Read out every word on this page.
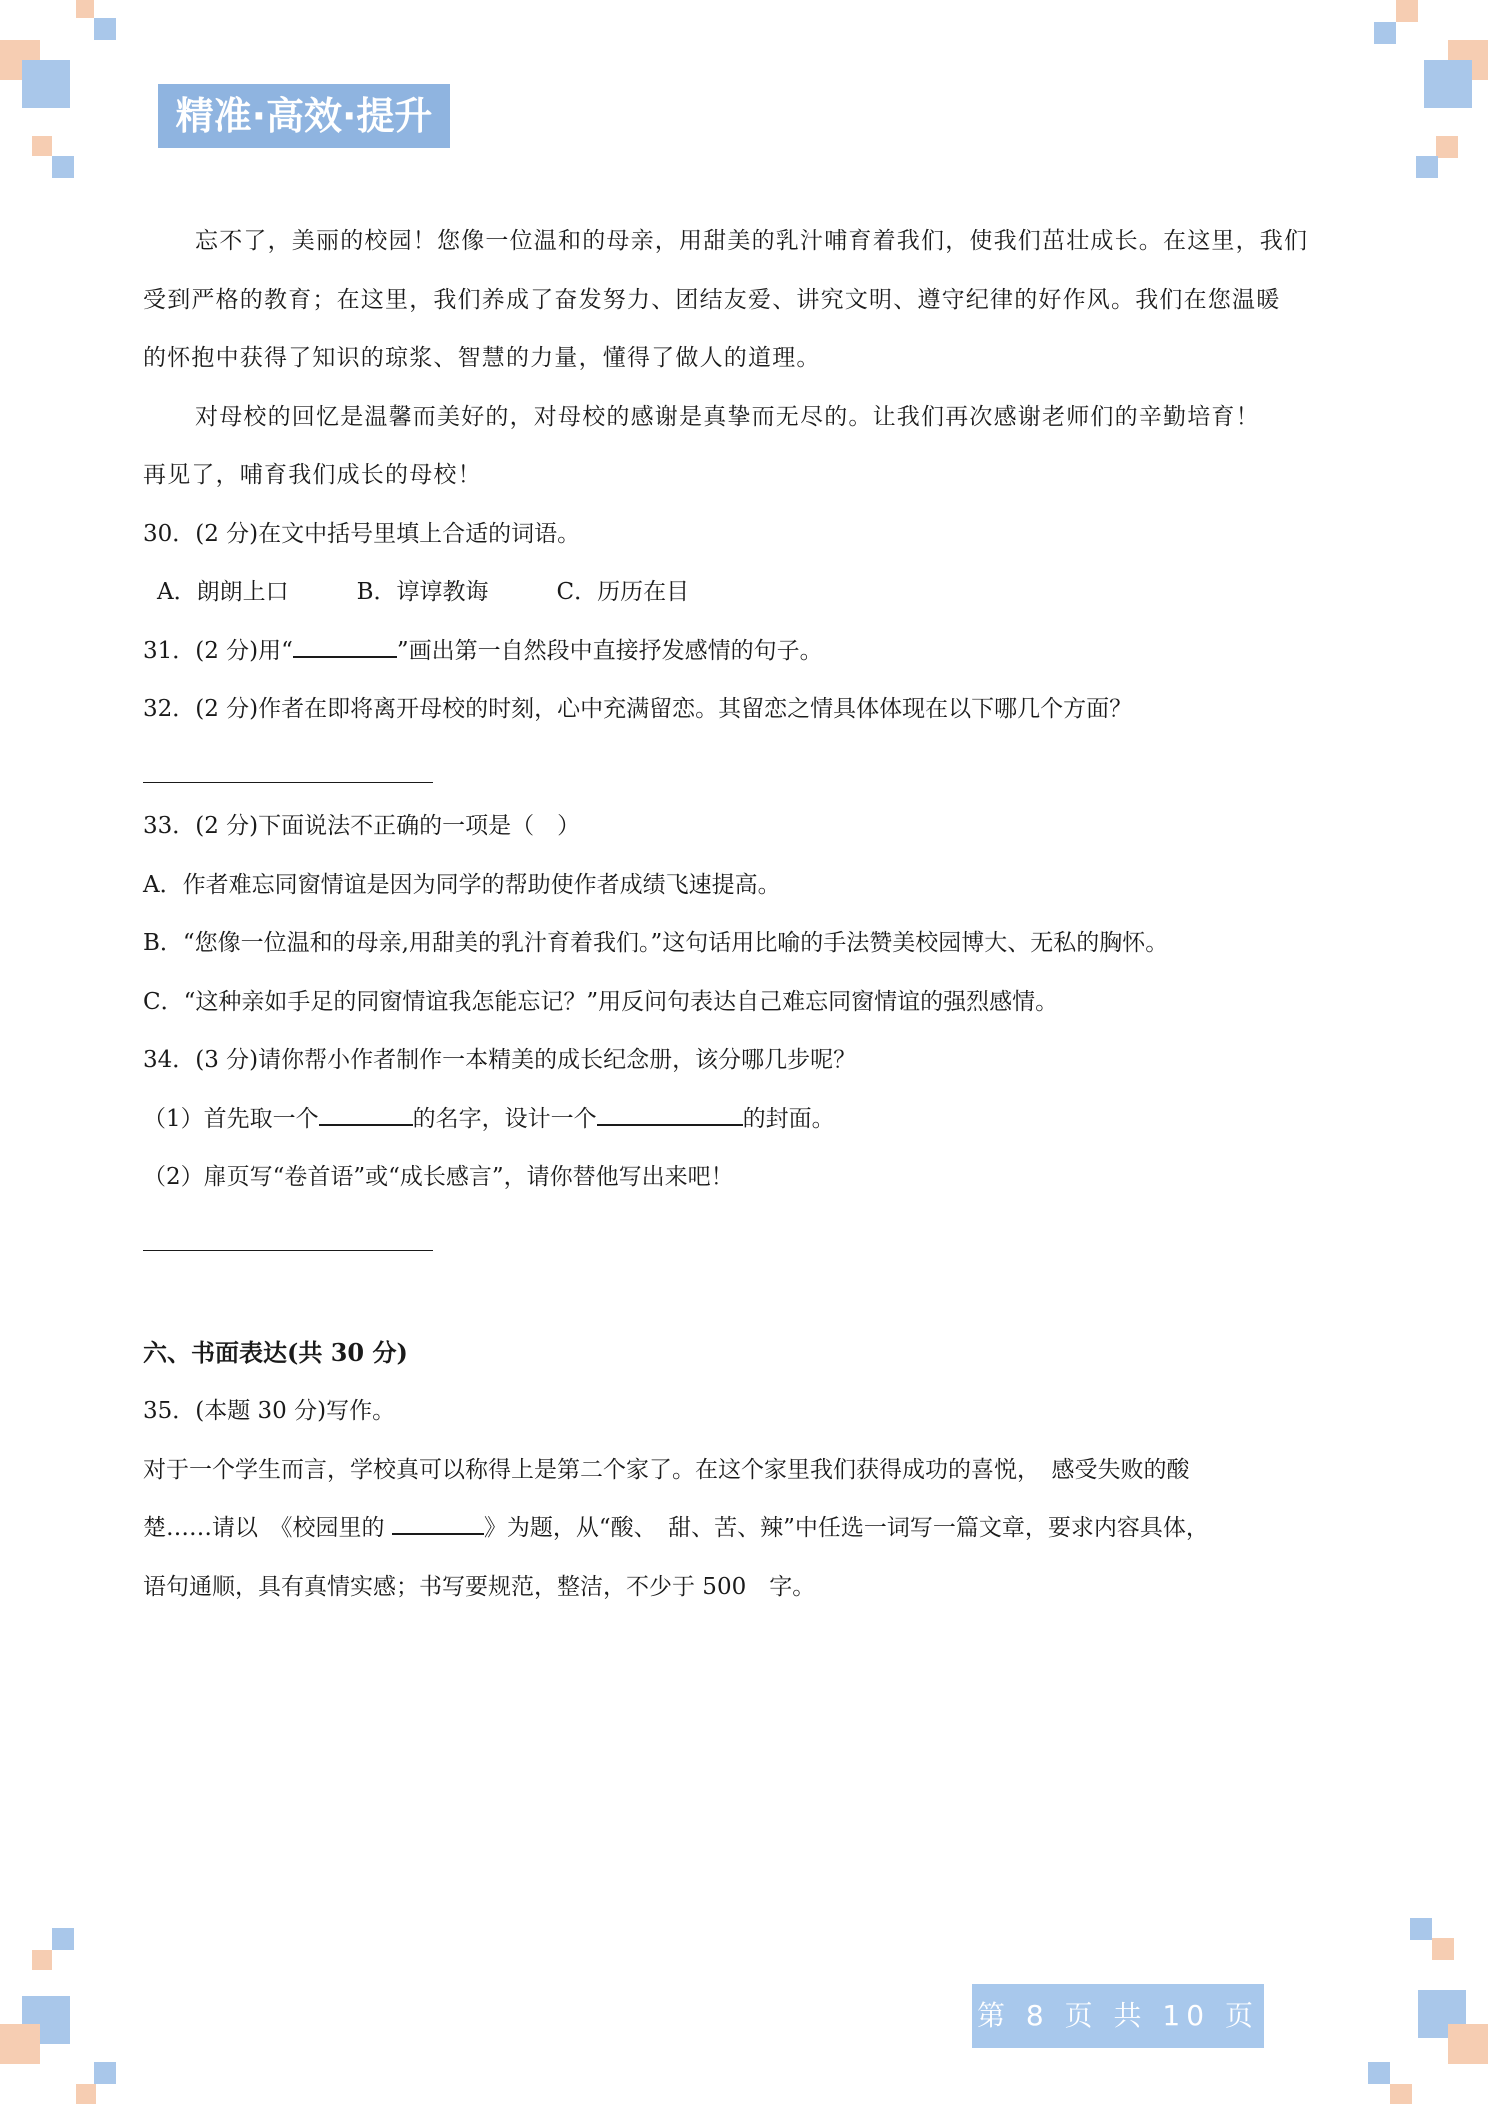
精准·高效·提升
忘不了，美丽的校园！您像一位温和的母亲，用甜美的乳汁哺育着我们，使我们茁壮成长。在这里，我们
受到严格的教育；在这里，我们养成了奋发努力、团结友爱、讲究文明、遵守纪律的好作风。我们在您温暖
的怀抱中获得了知识的琼浆、智慧的力量，懂得了做人的道理。
对母校的回忆是温馨而美好的，对母校的感谢是真挚而无尽的。让我们再次感谢老师们的辛勤培育！
再见了，哺育我们成长的母校！
30．(2 分)在文中括号里填上合适的词语。
A．朗朗上口	B．谆谆教诲	C．历历在目
31．(2 分)用“	”画出第一自然段中直接抒发感情的句子。
32．(2 分)作者在即将离开母校的时刻，心中充满留恋。其留恋之情具体体现在以下哪几个方面？
33．(2 分)下面说法不正确的一项是（　）
A．作者难忘同窗情谊是因为同学的帮助使作者成绩飞速提高。
B．“您像一位温和的母亲,用甜美的乳汁育着我们。”这句话用比喻的手法赞美校园博大、无私的胸怀。
C．“这种亲如手足的同窗情谊我怎能忘记？”用反问句表达自己难忘同窗情谊的强烈感情。
34．(3 分)请你帮小作者制作一本精美的成长纪念册，该分哪几步呢？
（1）首先取一个	的名字，设计一个	的封面。
（2）扉页写“卷首语”或“成长感言”，请你替他写出来吧！
六、书面表达(共 30 分)
35．(本题 30 分)写作。
对于一个学生而言，学校真可以称得上是第二个家了。在这个家里我们获得成功的喜悦，　感受失败的酸
楚……请以　《校园里的	》为题，从“酸、　甜、苦、辣”中任选一词写一篇文章，要求内容具体，
语句通顺，具有真情实感；书写要规范，整洁，不少于 500　字。
第 8 页 共 10 页
